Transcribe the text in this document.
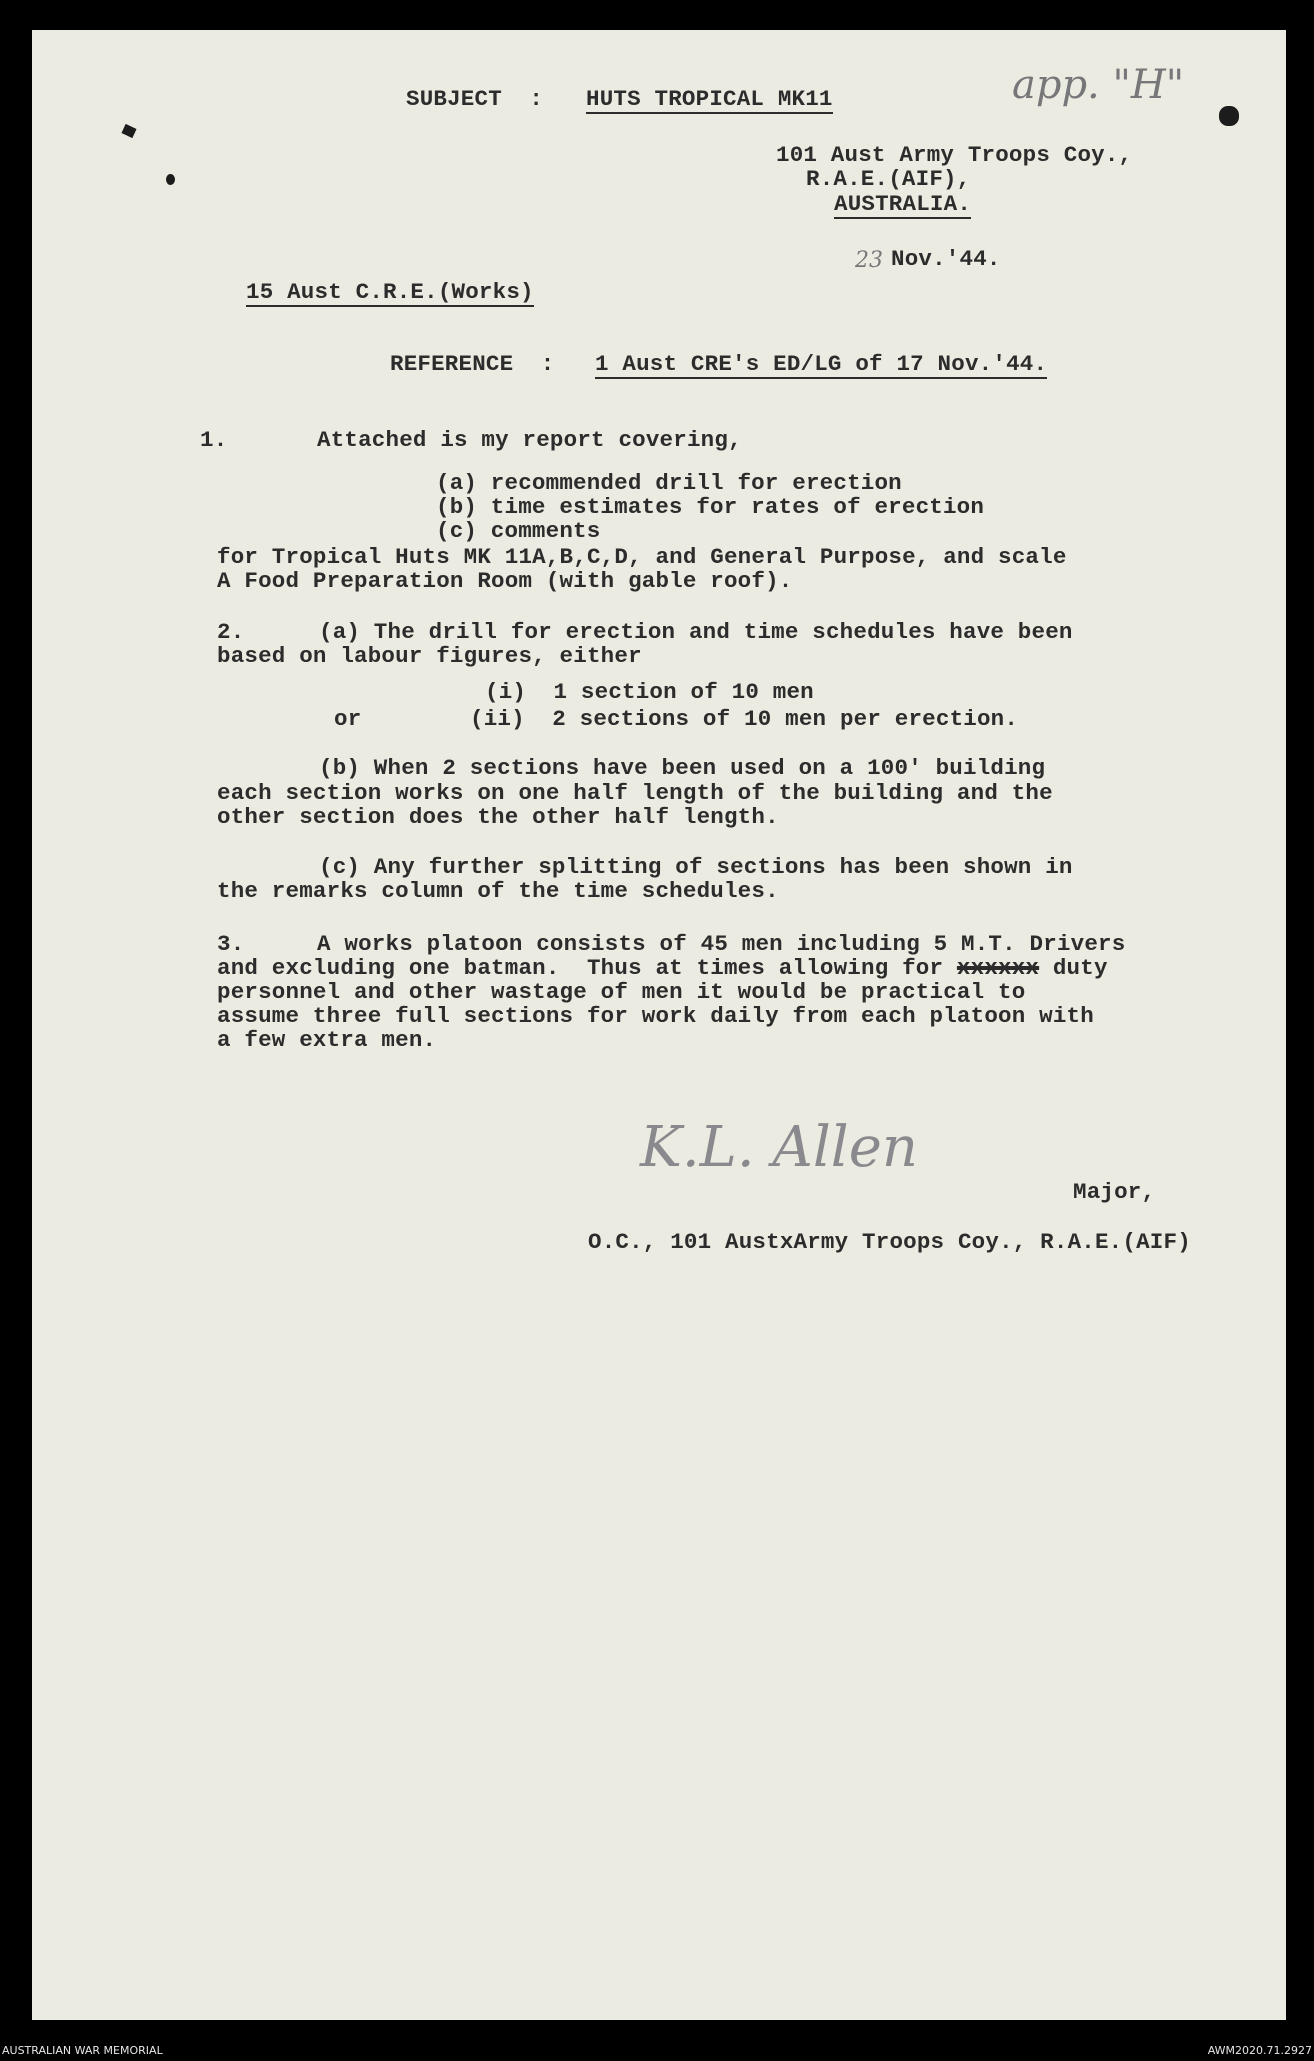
SUBJECT  : HUTS TROPICAL MK11	app. "H"
101 Aust Army Troops Coy.,
R.A.E.(AIF),
AUSTRALIA.
23 Nov.'44.
15 Aust C.R.E.(Works)
REFERENCE  : 1 Aust CRE's ED/LG of 17 Nov.'44.
1.	Attached is my report covering,
(a) recommended drill for erection
(b) time estimates for rates of erection
(c) comments
for Tropical Huts MK 11A,B,C,D, and General Purpose, and scale
A Food Preparation Room (with gable roof).
2.	(a) The drill for erection and time schedules have been
based on labour figures, either
(i)  1 section of 10 men
or	(ii)  2 sections of 10 men per erection.
(b) When 2 sections have been used on a 100' building
each section works on one half length of the building and the
other section does the other half length.
(c) Any further splitting of sections has been shown in
the remarks column of the time schedules.
3.	A works platoon consists of 45 men including 5 M.T. Drivers
and excluding one batman.  Thus at times allowing for xxxxxx duty
personnel and other wastage of men it would be practical to
assume three full sections for work daily from each platoon with
a few extra men.
K.L. Allen
Major,
O.C., 101 AustxArmy Troops Coy., R.A.E.(AIF)
AUSTRALIAN WAR MEMORIAL	AWM2020.71.2927
